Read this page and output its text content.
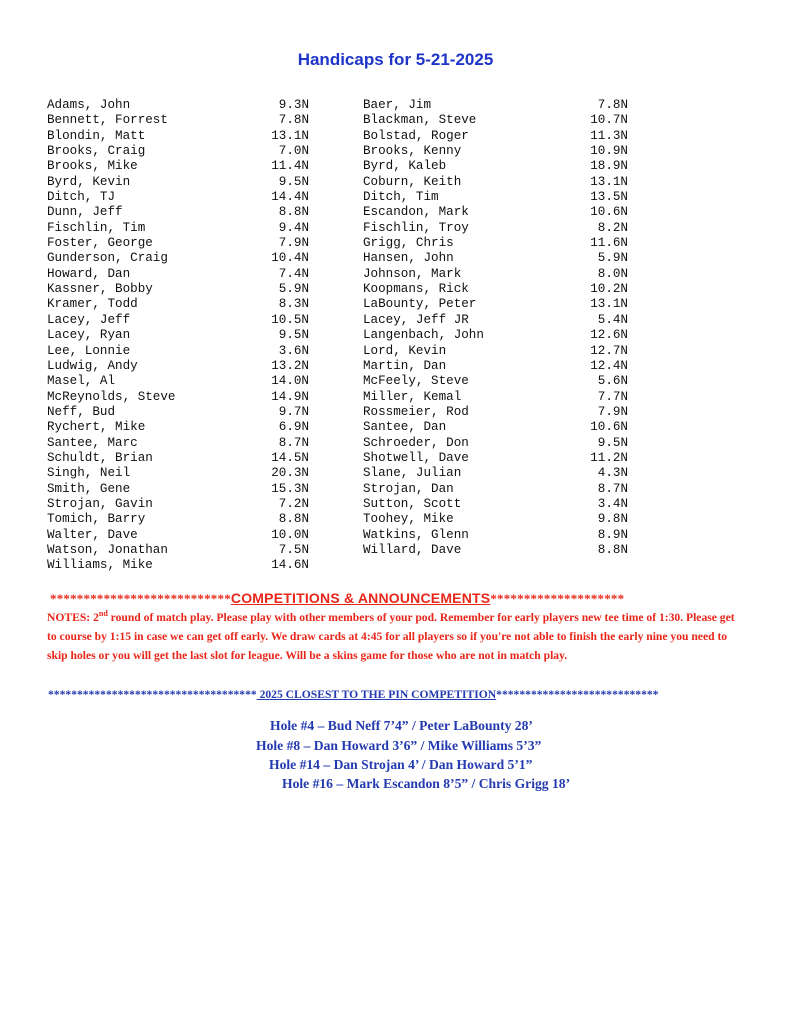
Handicaps for 5-21-2025
Adams, John	9.3N
Bennett, Forrest	7.8N
Blondin, Matt	13.1N
Brooks, Craig	7.0N
Brooks, Mike	11.4N
Byrd, Kevin	9.5N
Ditch, TJ	14.4N
Dunn, Jeff	8.8N
Fischlin, Tim	9.4N
Foster, George	7.9N
Gunderson, Craig	10.4N
Howard, Dan	7.4N
Kassner, Bobby	5.9N
Kramer, Todd	8.3N
Lacey, Jeff	10.5N
Lacey, Ryan	9.5N
Lee, Lonnie	3.6N
Ludwig, Andy	13.2N
Masel, Al	14.0N
McReynolds, Steve	14.9N
Neff, Bud	9.7N
Rychert, Mike	6.9N
Santee, Marc	8.7N
Schuldt, Brian	14.5N
Singh, Neil	20.3N
Smith, Gene	15.3N
Strojan, Gavin	7.2N
Tomich, Barry	8.8N
Walter, Dave	10.0N
Watson, Jonathan	7.5N
Williams, Mike	14.6N
Baer, Jim	7.8N
Blackman, Steve	10.7N
Bolstad, Roger	11.3N
Brooks, Kenny	10.9N
Byrd, Kaleb	18.9N
Coburn, Keith	13.1N
Ditch, Tim	13.5N
Escandon, Mark	10.6N
Fischlin, Troy	8.2N
Grigg, Chris	11.6N
Hansen, John	5.9N
Johnson, Mark	8.0N
Koopmans, Rick	10.2N
LaBounty, Peter	13.1N
Lacey, Jeff JR	5.4N
Langenbach, John	12.6N
Lord, Kevin	12.7N
Martin, Dan	12.4N
McFeely, Steve	5.6N
Miller, Kemal	7.7N
Rossmeier, Rod	7.9N
Santee, Dan	10.6N
Schroeder, Don	9.5N
Shotwell, Dave	11.2N
Slane, Julian	4.3N
Strojan, Dan	8.7N
Sutton, Scott	3.4N
Toohey, Mike	9.8N
Watkins, Glenn	8.9N
Willard, Dave	8.8N
***************************COMPETITIONS & ANNOUNCEMENTS********************
NOTES: 2nd round of match play. Please play with other members of your pod. Remember for early players new tee time of 1:30. Please get to course by 1:15 in case we can get off early. We draw cards at 4:45 for all players so if you're not able to finish the early nine you need to skip holes or you will get the last slot for league. Will be a skins game for those who are not in match play.
************************************ 2025 CLOSEST TO THE PIN COMPETITION****************************
Hole #4 – Bud Neff 7’4” / Peter LaBounty 28’
Hole #8 – Dan Howard 3’6” / Mike Williams 5’3”
Hole #14 – Dan Strojan 4’ / Dan Howard 5’1”
Hole #16 – Mark Escandon 8’5” / Chris Grigg 18’
